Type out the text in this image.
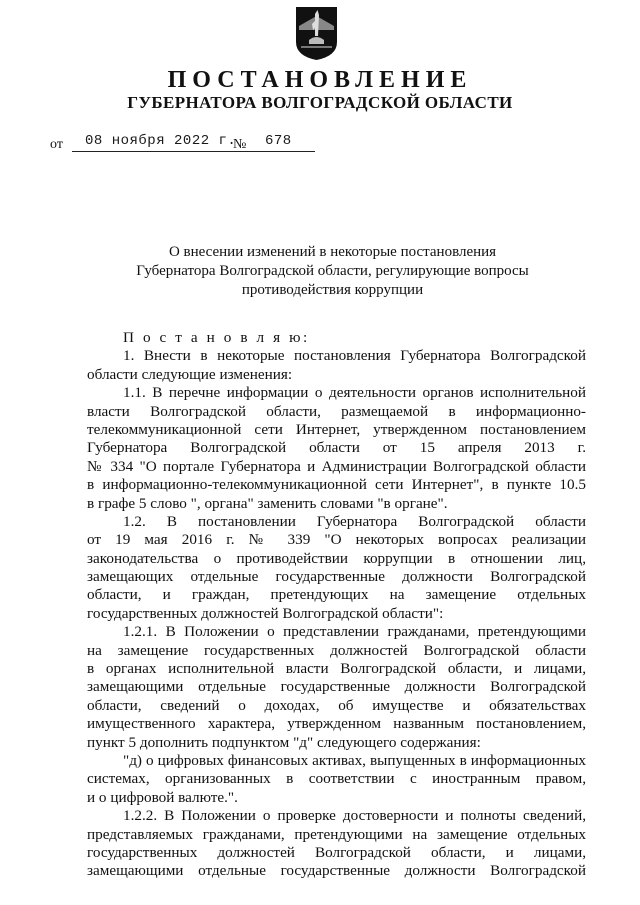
ПОСТАНОВЛЕНИЕ
ГУБЕРНАТОРА ВОЛГОГРАДСКОЙ ОБЛАСТИ
от 08 ноября 2022 г.
№ 678
О внесении изменений в некоторые постановления
Губернатора Волгоградской области, регулирующие вопросы
противодействия коррупции
П о с т а н о в л я ю:
1. Внести в некоторые постановления Губернатора Волгоградской
области следующие изменения:
1.1. В перечне информации о деятельности органов исполнительной
власти Волгоградской области, размещаемой в информационно-
телекоммуникационной сети Интернет, утвержденном постановлением
Губернатора Волгоградской области от 15 апреля 2013 г.
№ 334 "О портале Губернатора и Администрации Волгоградской области
в информационно-телекоммуникационной сети Интернет", в пункте 10.5
в графе 5 слово ", органа" заменить словами "в органе".
1.2. В постановлении Губернатора Волгоградской области
от 19 мая 2016 г. № 339 "О некоторых вопросах реализации
законодательства о противодействии коррупции в отношении лиц,
замещающих отдельные государственные должности Волгоградской
области, и граждан, претендующих на замещение отдельных
государственных должностей Волгоградской области":
1.2.1. В Положении о представлении гражданами, претендующими
на замещение государственных должностей Волгоградской области
в органах исполнительной власти Волгоградской области, и лицами,
замещающими отдельные государственные должности Волгоградской
области, сведений о доходах, об имуществе и обязательствах
имущественного характера, утвержденном названным постановлением,
пункт 5 дополнить подпунктом "д" следующего содержания:
"д) о цифровых финансовых активах, выпущенных в информационных
системах, организованных в соответствии с иностранным правом,
и о цифровой валюте.".
1.2.2. В Положении о проверке достоверности и полноты сведений,
представляемых гражданами, претендующими на замещение отдельных
государственных должностей Волгоградской области, и лицами,
замещающими отдельные государственные должности Волгоградской
